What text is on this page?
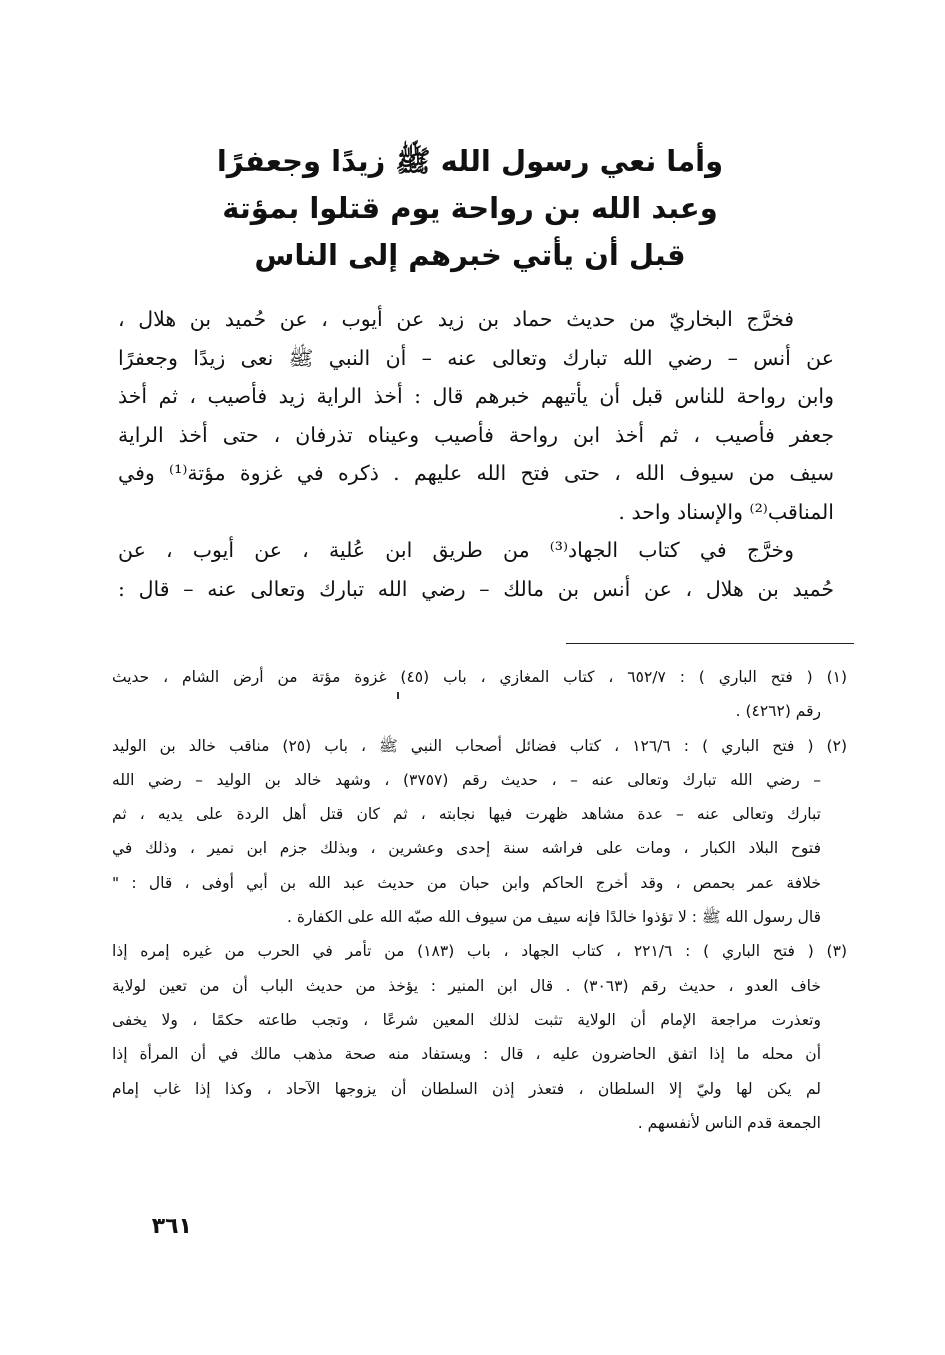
وأما نعي رسول الله ﷺ زيدًا وجعفرًا
وعبد الله بن رواحة يوم قتلوا بمؤتة
قبل أن يأتي خبرهم إلى الناس
فخرَّج البخاريّ من حديث حماد بن زيد عن أيوب ، عن حُميد بن هلال ،
عن أنس – رضي الله تبارك وتعالى عنه – أن النبي ﷺ نعى زيدًا وجعفرًا
وابن رواحة للناس قبل أن يأتيهم خبرهم قال : أخذ الراية زيد فأصيب ، ثم أخذ
جعفر فأصيب ، ثم أخذ ابن رواحة فأصيب وعيناه تذرفان ، حتى أخذ الراية
سيف من سيوف الله ، حتى فتح الله عليهم . ذكره في غزوة مؤتة⁽¹⁾ وفي
المناقب⁽²⁾ والإسناد واحد .
وخرَّج في كتاب الجهاد⁽³⁾ من طريق ابن عُلية ، عن أيوب ، عن
حُميد بن هلال ، عن أنس بن مالك – رضي الله تبارك وتعالى عنه – قال :
(١) ( فتح الباري ) : ٦٥٢/٧ ، كتاب المغازي ، باب (٤٥) غزوة مؤتة من أرض الشام ، حديث
رقم (٤٢٦٢) .
(٢) ( فتح الباري ) : ١٢٦/٦ ، كتاب فضائل أصحاب النبي ﷺ ، باب (٢٥) مناقب خالد بن الوليد
– رضي الله تبارك وتعالى عنه – ، حديث رقم (٣٧٥٧) ، وشهد خالد بن الوليد – رضي الله
تبارك وتعالى عنه – عدة مشاهد ظهرت فيها نجابته ، ثم كان قتل أهل الردة على يديه ، ثم
فتوح البلاد الكبار ، ومات على فراشه سنة إحدى وعشرين ، وبذلك جزم ابن نمير ، وذلك في
خلافة عمر بحمص ، وقد أخرج الحاكم وابن حبان من حديث عبد الله بن أبي أوفى ، قال : "
قال رسول الله ﷺ : لا تؤذوا خالدًا فإنه سيف من سيوف الله صبّه الله على الكفارة .
(٣) ( فتح الباري ) : ٢٢١/٦ ، كتاب الجهاد ، باب (١٨٣) من تأمر في الحرب من غيره إمره إذا
خاف العدو ، حديث رقم (٣٠٦٣) . قال ابن المنير : يؤخذ من حديث الباب أن من تعين لولاية
وتعذرت مراجعة الإمام أن الولاية تثبت لذلك المعين شرعًا ، وتجب طاعته حكمًا ، ولا يخفى
أن محله ما إذا اتفق الحاضرون عليه ، قال : ويستفاد منه صحة مذهب مالك في أن المرأة إذا
لم يكن لها وليّ إلا السلطان ، فتعذر إذن السلطان أن يزوجها الآحاد ، وكذا إذا غاب إمام
الجمعة قدم الناس لأنفسهم .
٣٦١
